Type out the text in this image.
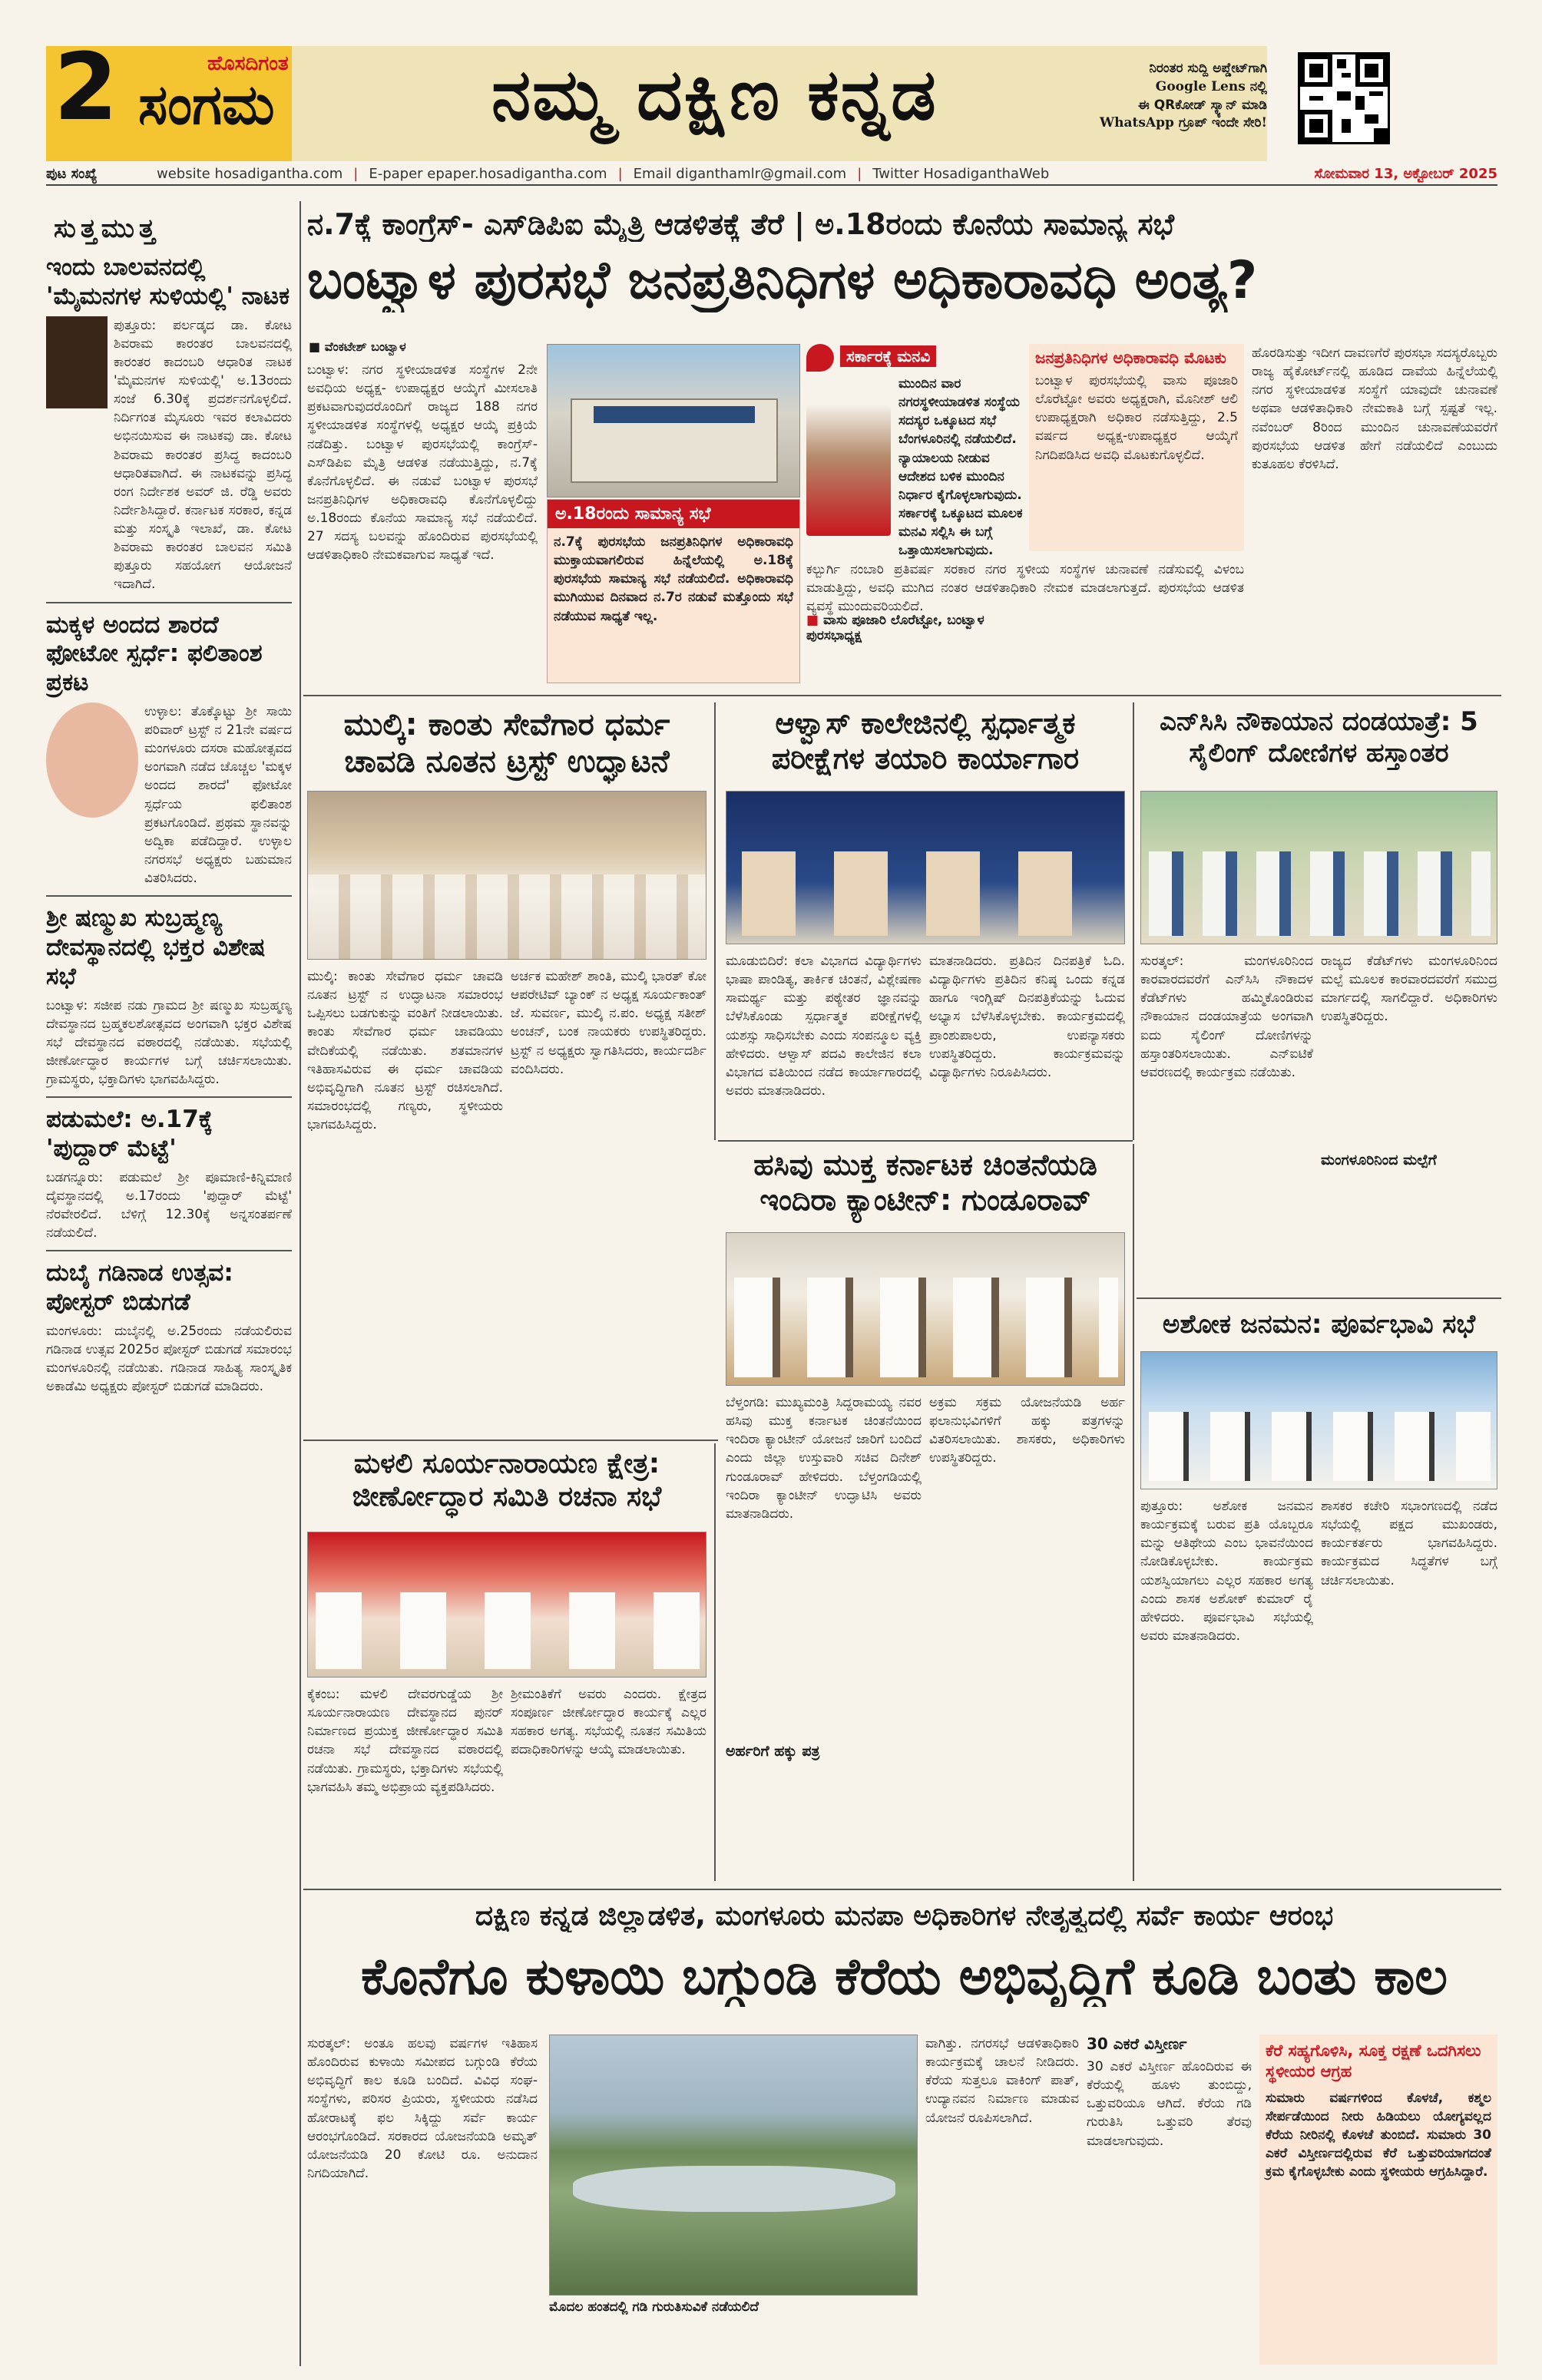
2	ಹೊಸದಿಗಂತ
ಸಂಗಮ	ನಮ್ಮ ದಕ್ಷಿಣ ಕನ್ನಡ	ನಿರಂತರ ಸುದ್ದಿ ಅಪ್ಡೇಟ್‌ಗಾಗಿ
Google Lens ನಲ್ಲಿ
ಈ QRಕೋಡ್ ಸ್ಕ್ಯಾನ್ ಮಾಡಿ
WhatsApp ಗ್ರೂಪ್ ಇಂದೇ ಸೇರಿ!
ಪುಟ ಸಂಖ್ಯೆ	website hosadigantha.com | E-paper epaper.hosadigantha.com | Email diganthamlr@gmail.com | Twitter HosadiganthaWeb	ಸೋಮವಾರ 13, ಅಕ್ಟೋಬರ್ 2025
ಸುತ್ತಮುತ್ತ
ಇಂದು ಬಾಲವನದಲ್ಲಿ 'ಮೈಮನಗಳ ಸುಳಿಯಲ್ಲಿ' ನಾಟಕ
ಪುತ್ತೂರು: ಪರ್ಲಡ್ಕದ ಡಾ. ಕೋಟ ಶಿವರಾಮ ಕಾರಂತರ ಬಾಲವನದಲ್ಲಿ ಕಾರಂತರ ಕಾದಂಬರಿ ಆಧಾರಿತ ನಾಟಕ 'ಮೈಮನಗಳ ಸುಳಿಯಲ್ಲಿ' ಅ.13ರಂದು ಸಂಜೆ 6.30ಕ್ಕೆ ಪ್ರದರ್ಶನಗೊಳ್ಳಲಿದೆ. ನಿರ್ದಿಗಂತ ಮೈಸೂರು ಇವರ ಕಲಾವಿದರು ಅಭಿನಯಿಸುವ ಈ ನಾಟಕವು ಡಾ. ಕೋಟ ಶಿವರಾಮ ಕಾರಂತರ ಪ್ರಸಿದ್ಧ ಕಾದಂಬರಿ ಆಧಾರಿತವಾಗಿದೆ. ಈ ನಾಟಕವನ್ನು ಪ್ರಸಿದ್ಧ ರಂಗ ನಿರ್ದೇಶಕ ಅವರ್ ಜಿ. ರೆಡ್ಡಿ ಅವರು ನಿರ್ದೇಶಿಸಿದ್ದಾರೆ. ಕರ್ನಾಟಕ ಸರಕಾರ, ಕನ್ನಡ ಮತ್ತು ಸಂಸ್ಕೃತಿ ಇಲಾಖೆ, ಡಾ. ಕೋಟ ಶಿವರಾಮ ಕಾರಂತರ ಬಾಲವನ ಸಮಿತಿ ಪುತ್ತೂರು ಸಹಯೋಗ ಆಯೋಜನೆ ಇದಾಗಿದೆ.
ಮಕ್ಕಳ ಅಂದದ ಶಾರದೆ ಫೋಟೋ ಸ್ಪರ್ಧೆ: ಫಲಿತಾಂಶ ಪ್ರಕಟ
ಉಳ್ಳಾಲ: ತೊಕ್ಕೊಟ್ಟು ಶ್ರೀ ಸಾಯಿ ಪರಿವಾರ್ ಟ್ರಸ್ಟ್ ನ 21ನೇ ವರ್ಷದ ಮಂಗಳೂರು ದಸರಾ ಮಹೋತ್ಸವದ ಅಂಗವಾಗಿ ನಡೆದ ಚೊಚ್ಚಲ 'ಮಕ್ಕಳ ಅಂದದ ಶಾರದೆ' ಫೋಟೋ ಸ್ಪರ್ಧೆಯ ಫಲಿತಾಂಶ ಪ್ರಕಟಗೊಂಡಿದೆ. ಪ್ರಥಮ ಸ್ಥಾನವನ್ನು ಅದ್ವಿಕಾ ಪಡೆದಿದ್ದಾರೆ. ಉಳ್ಳಾಲ ನಗರಸಭೆ ಅಧ್ಯಕ್ಷರು ಬಹುಮಾನ ವಿತರಿಸಿದರು.
ಶ್ರೀ ಷಣ್ಮುಖ ಸುಬ್ರಹ್ಮಣ್ಯ ದೇವಸ್ಥಾನದಲ್ಲಿ ಭಕ್ತರ ವಿಶೇಷ ಸಭೆ
ಬಂಟ್ವಾಳ: ಸಜೀಪ ನಡು ಗ್ರಾಮದ ಶ್ರೀ ಷಣ್ಮುಖ ಸುಬ್ರಹ್ಮಣ್ಯ ದೇವಸ್ಥಾನದ ಬ್ರಹ್ಮಕಲಶೋತ್ಸವದ ಅಂಗವಾಗಿ ಭಕ್ತರ ವಿಶೇಷ ಸಭೆ ದೇವಸ್ಥಾನದ ವಠಾರದಲ್ಲಿ ನಡೆಯಿತು. ಸಭೆಯಲ್ಲಿ ಜೀರ್ಣೋದ್ಧಾರ ಕಾರ್ಯಗಳ ಬಗ್ಗೆ ಚರ್ಚಿಸಲಾಯಿತು. ಗ್ರಾಮಸ್ಥರು, ಭಕ್ತಾದಿಗಳು ಭಾಗವಹಿಸಿದ್ದರು.
ಪಡುಮಲೆ: ಅ.17ಕ್ಕೆ 'ಪುದ್ದಾರ್ ಮೆಟ್ಟೆ'
ಬಡಗನ್ನೂರು: ಪಡುಮಲೆ ಶ್ರೀ ಪೂಮಾಣಿ-ಕಿನ್ನಿಮಾಣಿ ದೈವಸ್ಥಾನದಲ್ಲಿ ಅ.17ರಂದು 'ಪುದ್ದಾರ್ ಮೆಟ್ಟೆ' ನೆರವೇರಲಿದೆ. ಬೆಳಿಗ್ಗೆ 12.30ಕ್ಕೆ ಅನ್ನಸಂತರ್ಪಣೆ ನಡೆಯಲಿದೆ.
ದುಬೈ ಗಡಿನಾಡ ಉತ್ಸವ: ಪೋಸ್ಟರ್ ಬಿಡುಗಡೆ
ಮಂಗಳೂರು: ದುಬೈನಲ್ಲಿ ಅ.25ರಂದು ನಡೆಯಲಿರುವ ಗಡಿನಾಡ ಉತ್ಸವ 2025ರ ಪೋಸ್ಟರ್ ಬಿಡುಗಡೆ ಸಮಾರಂಭ ಮಂಗಳೂರಿನಲ್ಲಿ ನಡೆಯಿತು. ಗಡಿನಾಡ ಸಾಹಿತ್ಯ ಸಾಂಸ್ಕೃತಿಕ ಅಕಾಡೆಮಿ ಅಧ್ಯಕ್ಷರು ಪೋಸ್ಟರ್ ಬಿಡುಗಡೆ ಮಾಡಿದರು.
ನ.7ಕ್ಕೆ ಕಾಂಗ್ರೆಸ್- ಎಸ್‌ಡಿಪಿಐ ಮೈತ್ರಿ ಆಡಳಿತಕ್ಕೆ ತೆರೆ | ಅ.18ರಂದು ಕೊನೆಯ ಸಾಮಾನ್ಯ ಸಭೆ
ಬಂಟ್ವಾಳ ಪುರಸಭೆ ಜನಪ್ರತಿನಿಧಿಗಳ ಅಧಿಕಾರಾವಧಿ ಅಂತ್ಯ?
■ ವೆಂಕಟೇಶ್ ಬಂಟ್ವಾಳ
ಬಂಟ್ವಾಳ: ನಗರ ಸ್ಥಳೀಯಾಡಳಿತ ಸಂಸ್ಥೆಗಳ 2ನೇ ಅವಧಿಯ ಅಧ್ಯಕ್ಷ- ಉಪಾಧ್ಯಕ್ಷರ ಆಯ್ಕೆಗೆ ಮೀಸಲಾತಿ ಪ್ರಕಟವಾಗುವುದರೊಂದಿಗೆ ರಾಜ್ಯದ 188 ನಗರ ಸ್ಥಳೀಯಾಡಳಿತ ಸಂಸ್ಥೆಗಳಲ್ಲಿ ಅಧ್ಯಕ್ಷರ ಆಯ್ಕೆ ಪ್ರಕ್ರಿಯೆ ನಡೆದಿತ್ತು. ಬಂಟ್ವಾಳ ಪುರಸಭೆಯಲ್ಲಿ ಕಾಂಗ್ರೆಸ್- ಎಸ್‌ಡಿಪಿಐ ಮೈತ್ರಿ ಆಡಳಿತ ನಡೆಯುತ್ತಿದ್ದು, ನ.7ಕ್ಕೆ ಕೊನೆಗೊಳ್ಳಲಿದೆ. ಈ ನಡುವೆ ಬಂಟ್ವಾಳ ಪುರಸಭೆ ಜನಪ್ರತಿನಿಧಿಗಳ ಅಧಿಕಾರಾವಧಿ ಕೊನೆಗೊಳ್ಳಲಿದ್ದು ಅ.18ರಂದು ಕೊನೆಯ ಸಾಮಾನ್ಯ ಸಭೆ ನಡೆಯಲಿದೆ. 27 ಸದಸ್ಯ ಬಲವನ್ನು ಹೊಂದಿರುವ ಪುರಸಭೆಯಲ್ಲಿ ಆಡಳಿತಾಧಿಕಾರಿ ನೇಮಕವಾಗುವ ಸಾಧ್ಯತೆ ಇದೆ.
ಅ.18ರಂದು ಸಾಮಾನ್ಯ ಸಭೆ
ನ.7ಕ್ಕೆ ಪುರಸಭೆಯ ಜನಪ್ರತಿನಿಧಿಗಳ ಅಧಿಕಾರಾವಧಿ ಮುಕ್ತಾಯವಾಗಲಿರುವ ಹಿನ್ನೆಲೆಯಲ್ಲಿ ಅ.18ಕ್ಕೆ ಪುರಸಭೆಯ ಸಾಮಾನ್ಯ ಸಭೆ ನಡೆಯಲಿದೆ. ಅಧಿಕಾರಾವಧಿ ಮುಗಿಯುವ ದಿನವಾದ ನ.7ರ ನಡುವೆ ಮತ್ತೊಂದು ಸಭೆ ನಡೆಯುವ ಸಾಧ್ಯತೆ ಇಲ್ಲ.
ಸರ್ಕಾರಕ್ಕೆ ಮನವಿ
ಮುಂದಿನ ವಾರ ನಗರಸ್ಥಳೀಯಾಡಳಿತ ಸಂಸ್ಥೆಯ ಸದಸ್ಯರ ಒಕ್ಕೂಟದ ಸಭೆ ಬೆಂಗಳೂರಿನಲ್ಲಿ ನಡೆಯಲಿದೆ. ನ್ಯಾಯಾಲಯ ನೀಡುವ ಆದೇಶದ ಬಳಿಕ ಮುಂದಿನ ನಿರ್ಧಾರ ಕೈಗೊಳ್ಳಲಾಗುವುದು. ಸರ್ಕಾರಕ್ಕೆ ಒಕ್ಕೂಟದ ಮೂಲಕ ಮನವಿ ಸಲ್ಲಿಸಿ ಈ ಬಗ್ಗೆ ಒತ್ತಾಯಿಸಲಾಗುವುದು.
■ ವಾಸು ಪೂಜಾರಿ ಲೊರೆಟ್ಟೋ, ಬಂಟ್ವಾಳ ಪುರಸಭಾಧ್ಯಕ್ಷ
ಜನಪ್ರತಿನಿಧಿಗಳ ಅಧಿಕಾರಾವಧಿ ಮೊಟಕು
ಬಂಟ್ವಾಳ ಪುರಸಭೆಯಲ್ಲಿ ವಾಸು ಪೂಜಾರಿ ಲೊರೆಟ್ಟೋ ಅವರು ಅಧ್ಯಕ್ಷರಾಗಿ, ಮೊನೀಶ್ ಆಲಿ ಉಪಾಧ್ಯಕ್ಷರಾಗಿ ಅಧಿಕಾರ ನಡೆಸುತ್ತಿದ್ದು, 2.5 ವರ್ಷದ ಅಧ್ಯಕ್ಷ-ಉಪಾಧ್ಯಕ್ಷರ ಆಯ್ಕೆಗೆ ನಿಗದಿಪಡಿಸಿದ ಅವಧಿ ಮೊಟಕುಗೊಳ್ಳಲಿದೆ.
ಕಲ್ಬುರ್ಗಿ ನಂಬಾರಿ ಪ್ರತಿವರ್ಷ ಸರಕಾರ ನಗರ ಸ್ಥಳೀಯ ಸಂಸ್ಥೆಗಳ ಚುನಾವಣೆ ನಡೆಸುವಲ್ಲಿ ವಿಳಂಬ ಮಾಡುತ್ತಿದ್ದು, ಅವಧಿ ಮುಗಿದ ನಂತರ ಆಡಳಿತಾಧಿಕಾರಿ ನೇಮಕ ಮಾಡಲಾಗುತ್ತದೆ. ಪುರಸಭೆಯ ಆಡಳಿತ ವ್ಯವಸ್ಥೆ ಮುಂದುವರಿಯಲಿದೆ.
ಹೊರಡಿಸುತ್ತು ಇದೀಗ ದಾವಣಗೆರೆ ಪುರಸಭಾ ಸದಸ್ಯರೊಬ್ಬರು ರಾಜ್ಯ ಹೈಕೋರ್ಟ್‌ನಲ್ಲಿ ಹೂಡಿದ ದಾವೆಯ ಹಿನ್ನೆಲೆಯಲ್ಲಿ ನಗರ ಸ್ಥಳೀಯಾಡಳಿತ ಸಂಸ್ಥೆಗೆ ಯಾವುದೇ ಚುನಾವಣೆ ಅಥವಾ ಆಡಳಿತಾಧಿಕಾರಿ ನೇಮಕಾತಿ ಬಗ್ಗೆ ಸ್ಪಷ್ಟತೆ ಇಲ್ಲ. ನವೆಂಬರ್ 8ರಿಂದ ಮುಂದಿನ ಚುನಾವಣೆಯವರೆಗೆ ಪುರಸಭೆಯ ಆಡಳಿತ ಹೇಗೆ ನಡೆಯಲಿದೆ ಎಂಬುದು ಕುತೂಹಲ ಕೆರಳಿಸಿದೆ.
ಮುಲ್ಕಿ: ಕಾಂತು ಸೇವೆಗಾರ ಧರ್ಮ ಚಾವಡಿ ನೂತನ ಟ್ರಸ್ಟ್ ಉದ್ಘಾಟನೆ
ಮುಲ್ಕಿ: ಕಾಂತು ಸೇವೆಗಾರ ಧರ್ಮ ಚಾವಡಿ ನೂತನ ಟ್ರಸ್ಟ್ ನ ಉದ್ಘಾಟನಾ ಸಮಾರಂಭ ಒಪ್ಪಿಸಲು ಬಡಗುಕುನ್ನು ವಂತಿಗೆ ನೀಡಲಾಯಿತು. ಕಾಂತು ಸೇವೆಗಾರ ಧರ್ಮ ಚಾವಡಿಯು ವೇದಿಕೆಯಲ್ಲಿ ನಡೆಯಿತು. ಶತಮಾನಗಳ ಇತಿಹಾಸವಿರುವ ಈ ಧರ್ಮ ಚಾವಡಿಯ ಅಭಿವೃದ್ಧಿಗಾಗಿ ನೂತನ ಟ್ರಸ್ಟ್ ರಚಿಸಲಾಗಿದೆ. ಸಮಾರಂಭದಲ್ಲಿ ಗಣ್ಯರು, ಸ್ಥಳೀಯರು ಭಾಗವಹಿಸಿದ್ದರು.
ಅರ್ಚಕ ಮಹೇಶ್ ಶಾಂತಿ, ಮುಲ್ಕಿ ಭಾರತ್ ಕೋ ಆಪರೇಟಿವ್ ಬ್ಯಾಂಕ್ ನ ಅಧ್ಯಕ್ಷ ಸೂರ್ಯಕಾಂತ್ ಜೆ. ಸುವರ್ಣ, ಮುಲ್ಕಿ ನ.ಪಂ. ಅಧ್ಯಕ್ಷ ಸತೀಶ್ ಅಂಚನ್, ಬಂಕ ನಾಯಕರು ಉಪಸ್ಥಿತರಿದ್ದರು. ಟ್ರಸ್ಟ್ ನ ಅಧ್ಯಕ್ಷರು ಸ್ವಾಗತಿಸಿದರು, ಕಾರ್ಯದರ್ಶಿ ವಂದಿಸಿದರು.
ಆಳ್ವಾಸ್ ಕಾಲೇಜಿನಲ್ಲಿ ಸ್ಪರ್ಧಾತ್ಮಕ ಪರೀಕ್ಷೆಗಳ ತಯಾರಿ ಕಾರ್ಯಾಗಾರ
ಮೂಡುಬಿದಿರೆ: ಕಲಾ ವಿಭಾಗದ ವಿದ್ಯಾರ್ಥಿಗಳು ಭಾಷಾ ಪಾಂಡಿತ್ಯ, ತಾರ್ಕಿಕ ಚಿಂತನೆ, ವಿಶ್ಲೇಷಣಾ ಸಾಮರ್ಥ್ಯ ಮತ್ತು ಪಠ್ಯೇತರ ಜ್ಞಾನವನ್ನು ಬೆಳೆಸಿಕೊಂಡು ಸ್ಪರ್ಧಾತ್ಮಕ ಪರೀಕ್ಷೆಗಳಲ್ಲಿ ಯಶಸ್ಸು ಸಾಧಿಸಬೇಕು ಎಂದು ಸಂಪನ್ಮೂಲ ವ್ಯಕ್ತಿ ಹೇಳಿದರು. ಆಳ್ವಾಸ್ ಪದವಿ ಕಾಲೇಜಿನ ಕಲಾ ವಿಭಾಗದ ವತಿಯಿಂದ ನಡೆದ ಕಾರ್ಯಾಗಾರದಲ್ಲಿ ಅವರು ಮಾತನಾಡಿದರು.
ಮಾತನಾಡಿದರು. ಪ್ರತಿದಿನ ದಿನಪತ್ರಿಕೆ ಓದಿ. ವಿದ್ಯಾರ್ಥಿಗಳು ಪ್ರತಿದಿನ ಕನಿಷ್ಠ ಒಂದು ಕನ್ನಡ ಹಾಗೂ ಇಂಗ್ಲಿಷ್ ದಿನಪತ್ರಿಕೆಯನ್ನು ಓದುವ ಅಭ್ಯಾಸ ಬೆಳೆಸಿಕೊಳ್ಳಬೇಕು. ಕಾರ್ಯಕ್ರಮದಲ್ಲಿ ಪ್ರಾಂಶುಪಾಲರು, ಉಪನ್ಯಾಸಕರು ಉಪಸ್ಥಿತರಿದ್ದರು. ಕಾರ್ಯಕ್ರಮವನ್ನು ವಿದ್ಯಾರ್ಥಿಗಳು ನಿರೂಪಿಸಿದರು.
ಎನ್‌ಸಿಸಿ ನೌಕಾಯಾನ ದಂಡಯಾತ್ರೆ: 5 ಸೈಲಿಂಗ್ ದೋಣಿಗಳ ಹಸ್ತಾಂತರ
ಸುರತ್ಕಲ್: ಮಂಗಳೂರಿನಿಂದ ಕಾರವಾರದವರೆಗೆ ಎನ್‌ಸಿಸಿ ನೌಕಾದಳ ಕೆಡೆಟ್‌ಗಳು ಹಮ್ಮಿಕೊಂಡಿರುವ ನೌಕಾಯಾನ ದಂಡಯಾತ್ರೆಯ ಅಂಗವಾಗಿ ಐದು ಸೈಲಿಂಗ್ ದೋಣಿಗಳನ್ನು ಹಸ್ತಾಂತರಿಸಲಾಯಿತು. ಎನ್‌ಐಟಿಕೆ ಆವರಣದಲ್ಲಿ ಕಾರ್ಯಕ್ರಮ ನಡೆಯಿತು.
ಮಂಗಳೂರಿನಿಂದ ಮಲ್ಪೆಗೆ
ರಾಜ್ಯದ ಕೆಡೆಟ್‌ಗಳು ಮಂಗಳೂರಿನಿಂದ ಮಲ್ಪೆ ಮೂಲಕ ಕಾರವಾರದವರೆಗೆ ಸಮುದ್ರ ಮಾರ್ಗದಲ್ಲಿ ಸಾಗಲಿದ್ದಾರೆ. ಅಧಿಕಾರಿಗಳು ಉಪಸ್ಥಿತರಿದ್ದರು.
ಅಶೋಕ ಜನಮನ: ಪೂರ್ವಭಾವಿ ಸಭೆ
ಪುತ್ತೂರು: ಅಶೋಕ ಜನಮನ ಕಾರ್ಯಕ್ರಮಕ್ಕೆ ಬರುವ ಪ್ರತಿ ಯೊಬ್ಬರೂ ಮನ್ನು ಆತಿಥೇಯ ಎಂಬ ಭಾವನೆಯಿಂದ ನೋಡಿಕೊಳ್ಳಬೇಕು. ಕಾರ್ಯಕ್ರಮ ಯಶಸ್ವಿಯಾಗಲು ಎಲ್ಲರ ಸಹಕಾರ ಅಗತ್ಯ ಎಂದು ಶಾಸಕ ಅಶೋಕ್ ಕುಮಾರ್ ರೈ ಹೇಳಿದರು. ಪೂರ್ವಭಾವಿ ಸಭೆಯಲ್ಲಿ ಅವರು ಮಾತನಾಡಿದರು.
ಶಾಸಕರ ಕಚೇರಿ ಸಭಾಂಗಣದಲ್ಲಿ ನಡೆದ ಸಭೆಯಲ್ಲಿ ಪಕ್ಷದ ಮುಖಂಡರು, ಕಾರ್ಯಕರ್ತರು ಭಾಗವಹಿಸಿದ್ದರು. ಕಾರ್ಯಕ್ರಮದ ಸಿದ್ಧತೆಗಳ ಬಗ್ಗೆ ಚರ್ಚಿಸಲಾಯಿತು.
ಹಸಿವು ಮುಕ್ತ ಕರ್ನಾಟಕ ಚಿಂತನೆಯಡಿ ಇಂದಿರಾ ಕ್ಯಾಂಟೀನ್: ಗುಂಡೂರಾವ್
ಬೆಳ್ತಂಗಡಿ: ಮುಖ್ಯಮಂತ್ರಿ ಸಿದ್ದರಾಮಯ್ಯ ನವರ ಹಸಿವು ಮುಕ್ತ ಕರ್ನಾಟಕ ಚಿಂತನೆಯಿಂದ ಇಂದಿರಾ ಕ್ಯಾಂಟೀನ್ ಯೋಜನೆ ಜಾರಿಗೆ ಬಂದಿದೆ ಎಂದು ಜಿಲ್ಲಾ ಉಸ್ತುವಾರಿ ಸಚಿವ ದಿನೇಶ್ ಗುಂಡೂರಾವ್ ಹೇಳಿದರು. ಬೆಳ್ತಂಗಡಿಯಲ್ಲಿ ಇಂದಿರಾ ಕ್ಯಾಂಟೀನ್ ಉದ್ಘಾಟಿಸಿ ಅವರು ಮಾತನಾಡಿದರು.
ಅರ್ಹರಿಗೆ ಹಕ್ಕು ಪತ್ರ
ಅಕ್ರಮ ಸಕ್ರಮ ಯೋಜನೆಯಡಿ ಅರ್ಹ ಫಲಾನುಭವಿಗಳಿಗೆ ಹಕ್ಕು ಪತ್ರಗಳನ್ನು ವಿತರಿಸಲಾಯಿತು. ಶಾಸಕರು, ಅಧಿಕಾರಿಗಳು ಉಪಸ್ಥಿತರಿದ್ದರು.
ಮಳಲಿ ಸೂರ್ಯನಾರಾಯಣ ಕ್ಷೇತ್ರ: ಜೀರ್ಣೋದ್ಧಾರ ಸಮಿತಿ ರಚನಾ ಸಭೆ
ಕೈಕಂಬ: ಮಳಲಿ ದೇವರಗುಡ್ಡೆಯ ಶ್ರೀ ಸೂರ್ಯನಾರಾಯಣ ದೇವಸ್ಥಾನದ ಪುನರ್ ನಿರ್ಮಾಣದ ಪ್ರಯುಕ್ತ ಜೀರ್ಣೋದ್ಧಾರ ಸಮಿತಿ ರಚನಾ ಸಭೆ ದೇವಸ್ಥಾನದ ವಠಾರದಲ್ಲಿ ನಡೆಯಿತು. ಗ್ರಾಮಸ್ಥರು, ಭಕ್ತಾದಿಗಳು ಸಭೆಯಲ್ಲಿ ಭಾಗವಹಿಸಿ ತಮ್ಮ ಅಭಿಪ್ರಾಯ ವ್ಯಕ್ತಪಡಿಸಿದರು.
ಶ್ರೀಮಂತಿಕೆಗೆ ಅವರು ಎಂದರು. ಕ್ಷೇತ್ರದ ಸಂಪೂರ್ಣ ಜೀರ್ಣೋದ್ಧಾರ ಕಾರ್ಯಕ್ಕೆ ಎಲ್ಲರ ಸಹಕಾರ ಅಗತ್ಯ. ಸಭೆಯಲ್ಲಿ ನೂತನ ಸಮಿತಿಯ ಪದಾಧಿಕಾರಿಗಳನ್ನು ಆಯ್ಕೆ ಮಾಡಲಾಯಿತು.
ದಕ್ಷಿಣ ಕನ್ನಡ ಜಿಲ್ಲಾಡಳಿತ, ಮಂಗಳೂರು ಮನಪಾ ಅಧಿಕಾರಿಗಳ ನೇತೃತ್ವದಲ್ಲಿ ಸರ್ವೆ ಕಾರ್ಯ ಆರಂಭ
ಕೊನೆಗೂ ಕುಳಾಯಿ ಬಗ್ಗುಂಡಿ ಕೆರೆಯ ಅಭಿವೃದ್ಧಿಗೆ ಕೂಡಿ ಬಂತು ಕಾಲ
ಸುರತ್ಕಲ್: ಅಂತೂ ಹಲವು ವರ್ಷಗಳ ಇತಿಹಾಸ ಹೊಂದಿರುವ ಕುಳಾಯಿ ಸಮೀಪದ ಬಗ್ಗುಂಡಿ ಕೆರೆಯ ಅಭಿವೃದ್ಧಿಗೆ ಕಾಲ ಕೂಡಿ ಬಂದಿದೆ. ವಿವಿಧ ಸಂಘ-ಸಂಸ್ಥೆಗಳು, ಪರಿಸರ ಪ್ರಿಯರು, ಸ್ಥಳೀಯರು ನಡೆಸಿದ ಹೋರಾಟಕ್ಕೆ ಫಲ ಸಿಕ್ಕಿದ್ದು ಸರ್ವೆ ಕಾರ್ಯ ಆರಂಭಗೊಂಡಿದೆ. ಸರಕಾರದ ಯೋಜನೆಯಡಿ ಅಮೃತ್ ಯೋಜನೆಯಡಿ 20 ಕೋಟಿ ರೂ. ಅನುದಾನ ನಿಗದಿಯಾಗಿದೆ.
ಮೊದಲ ಹಂತದಲ್ಲಿ ಗಡಿ ಗುರುತಿಸುವಿಕೆ ನಡೆಯಲಿದೆ
ವಾಗಿತ್ತು. ನಗರಸಭೆ ಆಡಳಿತಾಧಿಕಾರಿ ಕಾರ್ಯಕ್ರಮಕ್ಕೆ ಚಾಲನೆ ನೀಡಿದರು. ಕೆರೆಯ ಸುತ್ತಲೂ ವಾಕಿಂಗ್ ಪಾತ್, ಉದ್ಯಾನವನ ನಿರ್ಮಾಣ ಮಾಡುವ ಯೋಜನೆ ರೂಪಿಸಲಾಗಿದೆ.
30 ಎಕರೆ ವಿಸ್ತೀರ್ಣ
30 ಎಕರೆ ವಿಸ್ತೀರ್ಣ ಹೊಂದಿರುವ ಈ ಕೆರೆಯಲ್ಲಿ ಹೂಳು ತುಂಬಿದ್ದು, ಒತ್ತುವರಿಯೂ ಆಗಿದೆ. ಕೆರೆಯ ಗಡಿ ಗುರುತಿಸಿ ಒತ್ತುವರಿ ತೆರವು ಮಾಡಲಾಗುವುದು.
ಕೆರೆ ಸಹ್ಯಗೊಳಿಸಿ, ಸೂಕ್ತ ರಕ್ಷಣೆ ಒದಗಿಸಲು ಸ್ಥಳೀಯರ ಆಗ್ರಹ
ಸುಮಾರು ವರ್ಷಗಳಿಂದ ಕೊಳಚೆ, ಕಶ್ಮಲ ಸೇರ್ಪಡೆಯಿಂದ ನೀರು ಹಿಡಿಯಲು ಯೋಗ್ಯವಲ್ಲದ ಕೆರೆಯ ನೀರಿನಲ್ಲಿ ಕೊಳಚೆ ತುಂಬಿದೆ. ಸುಮಾರು 30 ಎಕರೆ ವಿಸ್ತೀರ್ಣದಲ್ಲಿರುವ ಕೆರೆ ಒತ್ತುವರಿಯಾಗದಂತೆ ಕ್ರಮ ಕೈಗೊಳ್ಳಬೇಕು ಎಂದು ಸ್ಥಳೀಯರು ಆಗ್ರಹಿಸಿದ್ದಾರೆ.
